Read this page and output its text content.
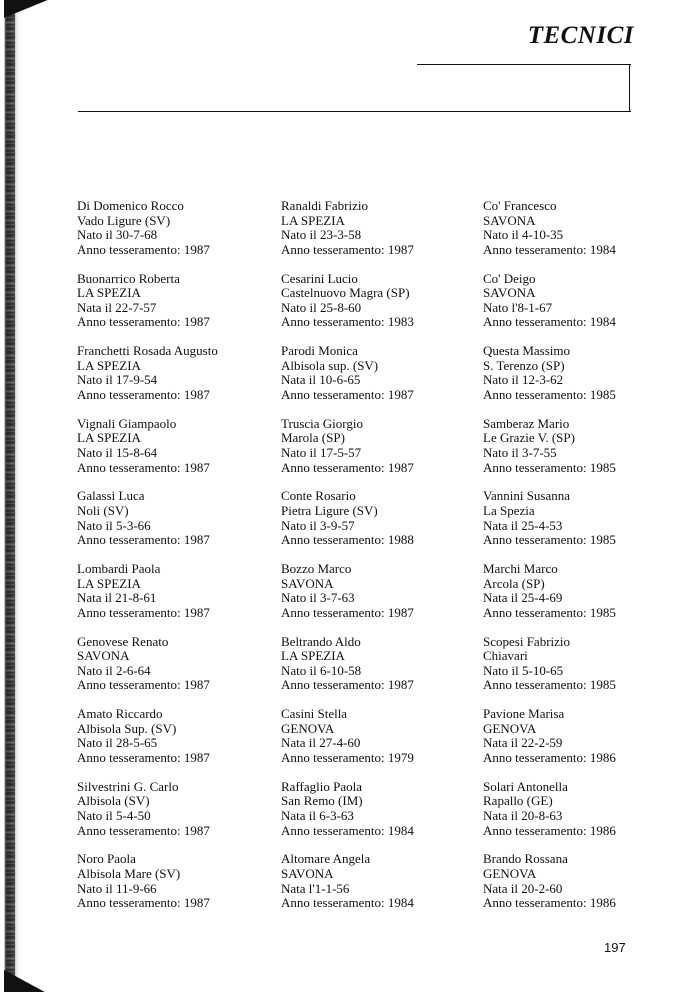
TECNICI
Di Domenico Rocco
Vado Ligure (SV)
Nato il 30-7-68
Anno tesseramento: 1987
Buonarrico Roberta
LA SPEZIA
Nata il 22-7-57
Anno tesseramento: 1987
Franchetti Rosada Augusto
LA SPEZIA
Nato il 17-9-54
Anno tesseramento: 1987
Vignali Giampaolo
LA SPEZIA
Nato il 15-8-64
Anno tesseramento: 1987
Galassi Luca
Noli (SV)
Nato il 5-3-66
Anno tesseramento: 1987
Lombardi Paola
LA SPEZIA
Nata il 21-8-61
Anno tesseramento: 1987
Genovese Renato
SAVONA
Nato il 2-6-64
Anno tesseramento: 1987
Amato Riccardo
Albisola Sup. (SV)
Nato il 28-5-65
Anno tesseramento: 1987
Silvestrini G. Carlo
Albisola (SV)
Nato il 5-4-50
Anno tesseramento: 1987
Noro Paola
Albisola Mare (SV)
Nato il 11-9-66
Anno tesseramento: 1987
Ranaldi Fabrizio
LA SPEZIA
Nato il 23-3-58
Anno tesseramento: 1987
Cesarini Lucio
Castelnuovo Magra (SP)
Nato il 25-8-60
Anno tesseramento: 1983
Parodi Monica
Albisola sup. (SV)
Nata il 10-6-65
Anno tesseramento: 1987
Truscia Giorgio
Marola (SP)
Nato il 17-5-57
Anno tesseramento: 1987
Conte Rosario
Pietra Ligure (SV)
Nato il 3-9-57
Anno tesseramento: 1988
Bozzo Marco
SAVONA
Nato il 3-7-63
Anno tesseramento: 1987
Beltrando Aldo
LA SPEZIA
Nato il 6-10-58
Anno tesseramento: 1987
Casini Stella
GENOVA
Nata il 27-4-60
Anno tesseramento: 1979
Raffaglio Paola
San Remo (IM)
Nata il 6-3-63
Anno tesseramento: 1984
Altomare Angela
SAVONA
Nata l'1-1-56
Anno tesseramento: 1984
Co' Francesco
SAVONA
Nato il 4-10-35
Anno tesseramento: 1984
Co' Deigo
SAVONA
Nato l'8-1-67
Anno tesseramento: 1984
Questa Massimo
S. Terenzo (SP)
Nato il 12-3-62
Anno tesseramento: 1985
Samberaz Mario
Le Grazie V. (SP)
Nato il 3-7-55
Anno tesseramento: 1985
Vannini Susanna
La Spezia
Nata il 25-4-53
Anno tesseramento: 1985
Marchi Marco
Arcola (SP)
Nata il 25-4-69
Anno tesseramento: 1985
Scopesi Fabrizio
Chiavari
Nato il 5-10-65
Anno tesseramento: 1985
Pavione Marisa
GENOVA
Nata il 22-2-59
Anno tesseramento: 1986
Solari Antonella
Rapallo (GE)
Nata il 20-8-63
Anno tesseramento: 1986
Brando Rossana
GENOVA
Nata il 20-2-60
Anno tesseramento: 1986
197
